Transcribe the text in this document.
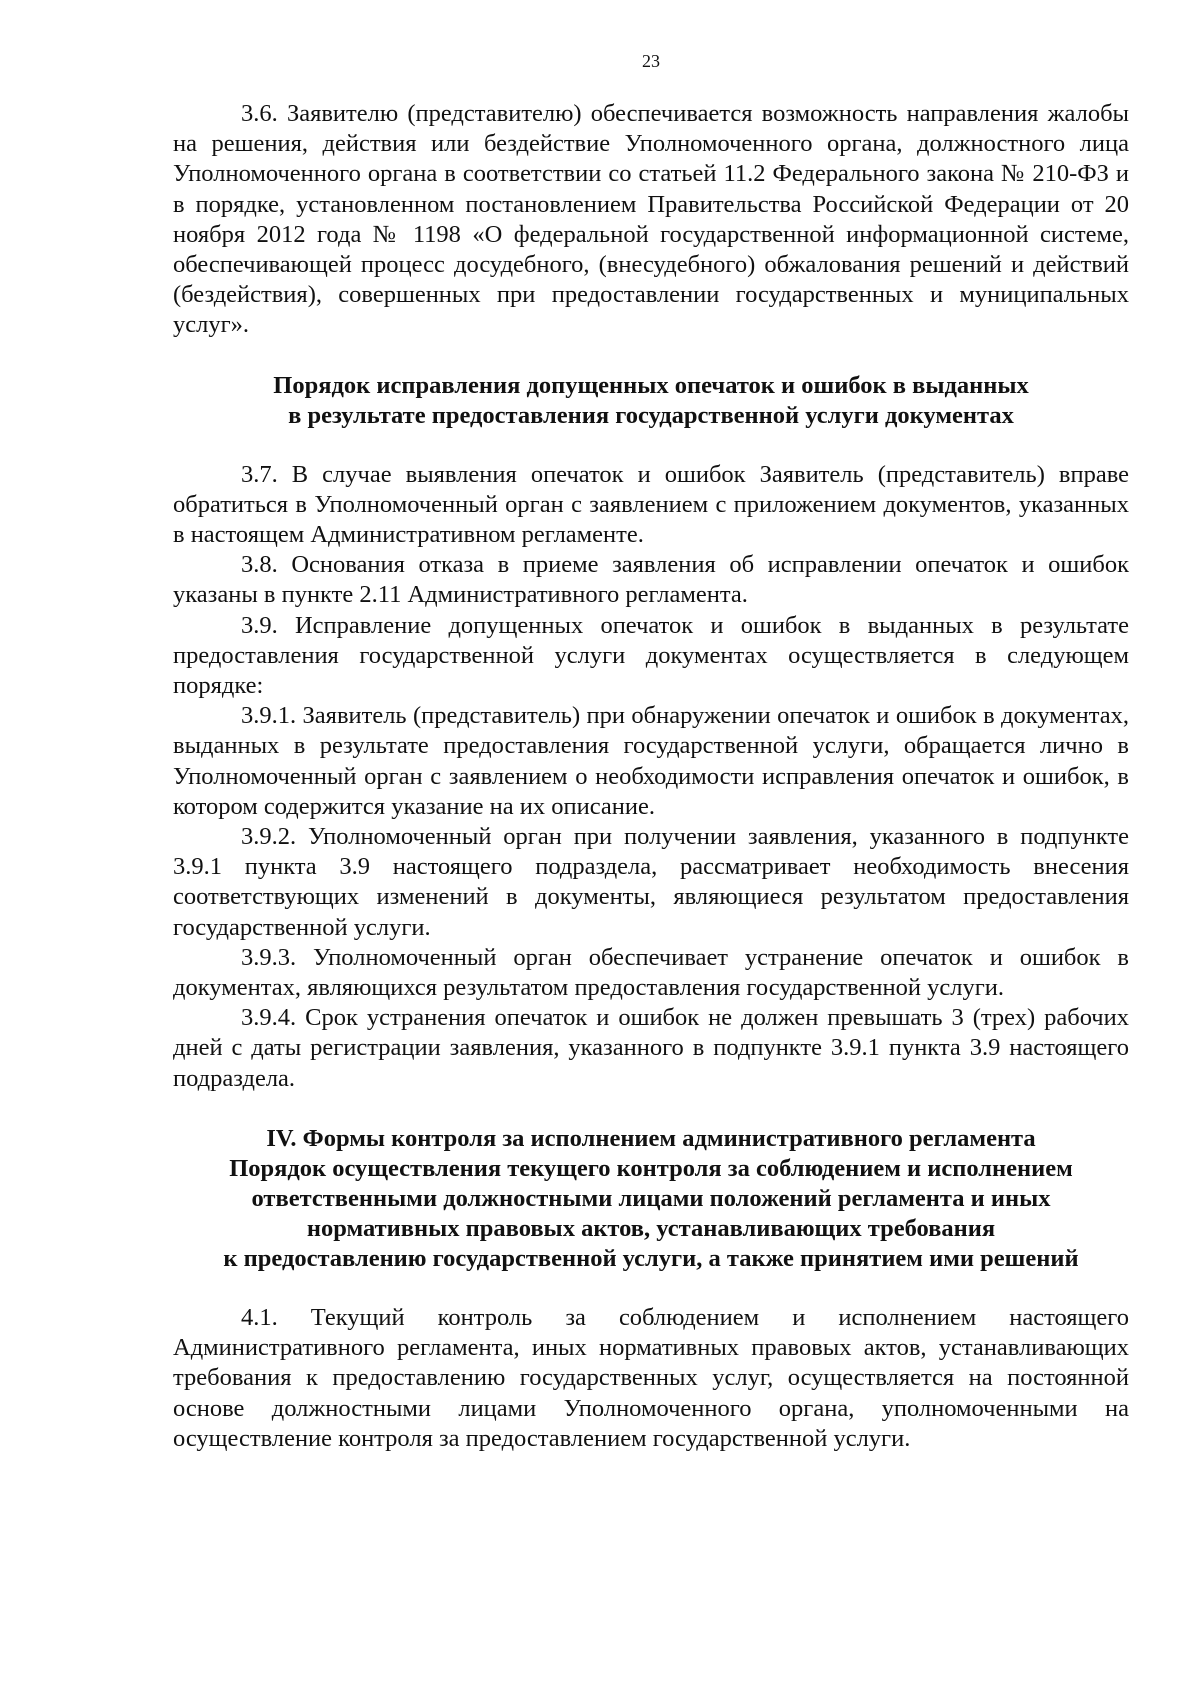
23

3.6. Заявителю (представителю) обеспечивается возможность направления жалобы на решения, действия или бездействие Уполномоченного органа, должностного лица Уполномоченного органа в соответствии со статьей 11.2 Федерального закона № 210-ФЗ и в порядке, установленном постановлением Правительства Российской Федерации от 20 ноября 2012 года № 1198 «О федеральной государственной информационной системе, обеспечивающей процесс досудебного, (внесудебного) обжалования решений и действий (бездействия), совершенных при предоставлении государственных и муниципальных услуг».

Порядок исправления допущенных опечаток и ошибок в выданных
в результате предоставления государственной услуги документах

3.7. В случае выявления опечаток и ошибок Заявитель (представитель) вправе обратиться в Уполномоченный орган с заявлением с приложением документов, указанных в настоящем Административном регламенте.

3.8. Основания отказа в приеме заявления об исправлении опечаток и ошибок указаны в пункте 2.11 Административного регламента.

3.9. Исправление допущенных опечаток и ошибок в выданных в результате предоставления государственной услуги документах осуществляется в следующем порядке:

3.9.1. Заявитель (представитель) при обнаружении опечаток и ошибок в документах, выданных в результате предоставления государственной услуги, обращается лично в Уполномоченный орган с заявлением о необходимости исправления опечаток и ошибок, в котором содержится указание на их описание.

3.9.2. Уполномоченный орган при получении заявления, указанного в подпункте 3.9.1 пункта 3.9 настоящего подраздела, рассматривает необходимость внесения соответствующих изменений в документы, являющиеся результатом предоставления государственной услуги.

3.9.3. Уполномоченный орган обеспечивает устранение опечаток и ошибок в документах, являющихся результатом предоставления государственной услуги.

3.9.4. Срок устранения опечаток и ошибок не должен превышать 3 (трех) рабочих дней с даты регистрации заявления, указанного в подпункте 3.9.1 пункта 3.9 настоящего подраздела.

IV. Формы контроля за исполнением административного регламента
Порядок осуществления текущего контроля за соблюдением и исполнением
ответственными должностными лицами положений регламента и иных
нормативных правовых актов, устанавливающих требования
к предоставлению государственной услуги, а также принятием ими решений

4.1. Текущий контроль за соблюдением и исполнением настоящего Административного регламента, иных нормативных правовых актов, устанавливающих требования к предоставлению государственных услуг, осуществляется на постоянной основе должностными лицами Уполномоченного органа, уполномоченными на осуществление контроля за предоставлением государственной услуги.
